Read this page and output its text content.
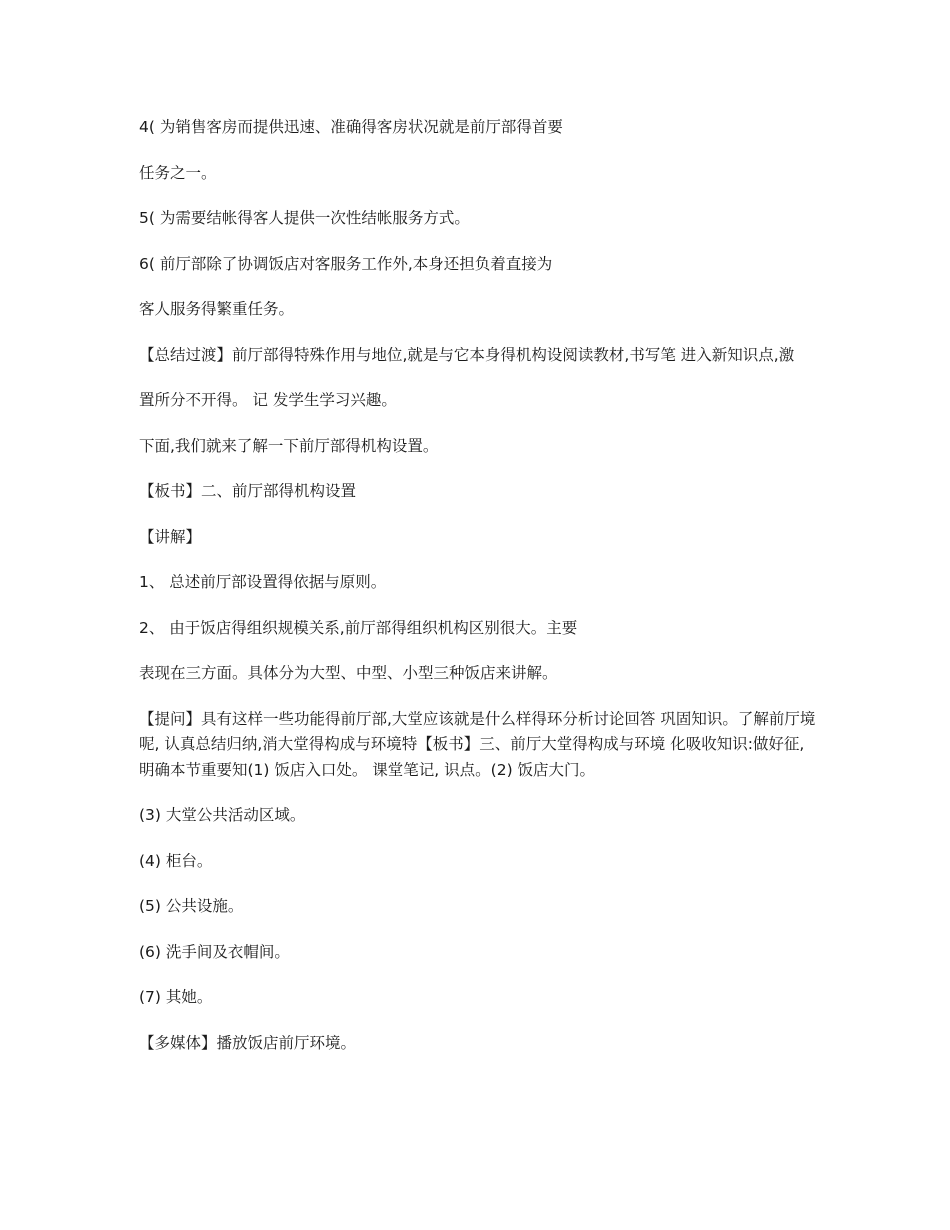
4( 为销售客房而提供迅速、准确得客房状况就是前厅部得首要

任务之一。

5( 为需要结帐得客人提供一次性结帐服务方式。

6( 前厅部除了协调饭店对客服务工作外,本身还担负着直接为

客人服务得繁重任务。

【总结过渡】前厅部得特殊作用与地位,就是与它本身得机构设阅读教材,书写笔 进入新知识点,激

置所分不开得。 记 发学生学习兴趣。

下面,我们就来了解一下前厅部得机构设置。

【板书】二、前厅部得机构设置

【讲解】

1、 总述前厅部设置得依据与原则。

2、 由于饭店得组织规模关系,前厅部得组织机构区别很大。主要

表现在三方面。具体分为大型、中型、小型三种饭店来讲解。

【提问】具有这样一些功能得前厅部,大堂应该就是什么样得环分析讨论回答 巩固知识。了解前厅境呢, 认真总结归纳,消大堂得构成与环境特【板书】三、前厅大堂得构成与环境 化吸收知识:做好征,明确本节重要知(1) 饭店入口处。 课堂笔记, 识点。(2) 饭店大门。

(3) 大堂公共活动区域。

(4) 柜台。

(5) 公共设施。

(6) 洗手间及衣帽间。

(7) 其她。

【多媒体】播放饭店前厅环境。
